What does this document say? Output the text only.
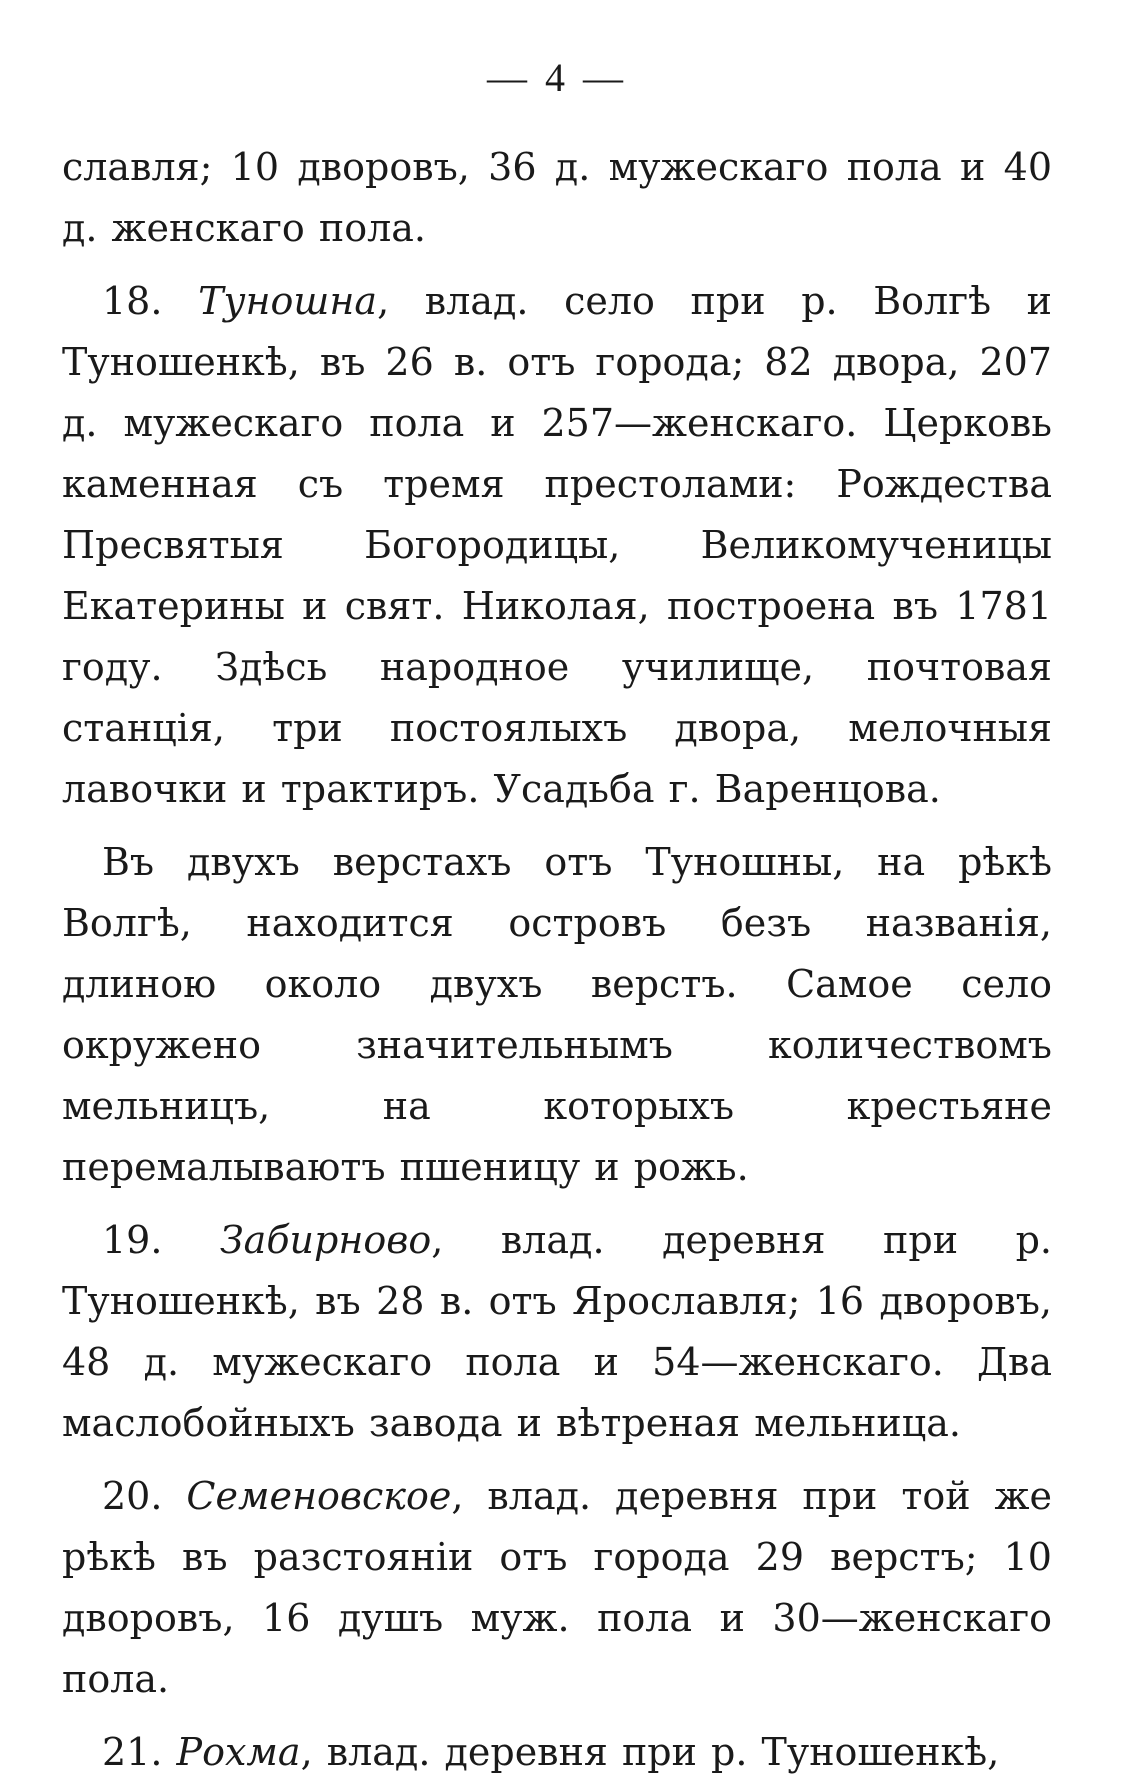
— 4 —

славля; 10 дворовъ, 36 д. мужескаго пола и 40 д. женскаго пола.

18. Туношна, влад. село при р. Волгѣ и Туношенкѣ, въ 26 в. отъ города; 82 двора, 207 д. мужескаго пола и 257—женскаго. Церковь каменная съ тремя престолами: Рождества Пресвятыя Богородицы, Великомученицы Екатерины и свят. Николая, построена въ 1781 году. Здѣсь народное училище, почтовая станцiя, три постоялыхъ двора, мелочныя лавочки и трактиръ. Усадьба г. Варенцова.

Въ двухъ верстахъ отъ Туношны, на рѣкѣ Волгѣ, находится островъ безъ названiя, длиною около двухъ верстъ. Самое село окружено значительнымъ количествомъ мельницъ, на которыхъ крестьяне перемалываютъ пшеницу и рожь.

19. Забирново, влад. деревня при р. Туношенкѣ, въ 28 в. отъ Ярославля; 16 дворовъ, 48 д. мужескаго пола и 54—женскаго. Два маслобойныхъ завода и вѣтреная мельница.

20. Семеновское, влад. деревня при той же рѣкѣ въ разстоянiи отъ города 29 верстъ; 10 дворовъ, 16 душъ муж. пола и 30—женскаго пола.

21. Рохма, влад. деревня при р. Туношенкѣ,
